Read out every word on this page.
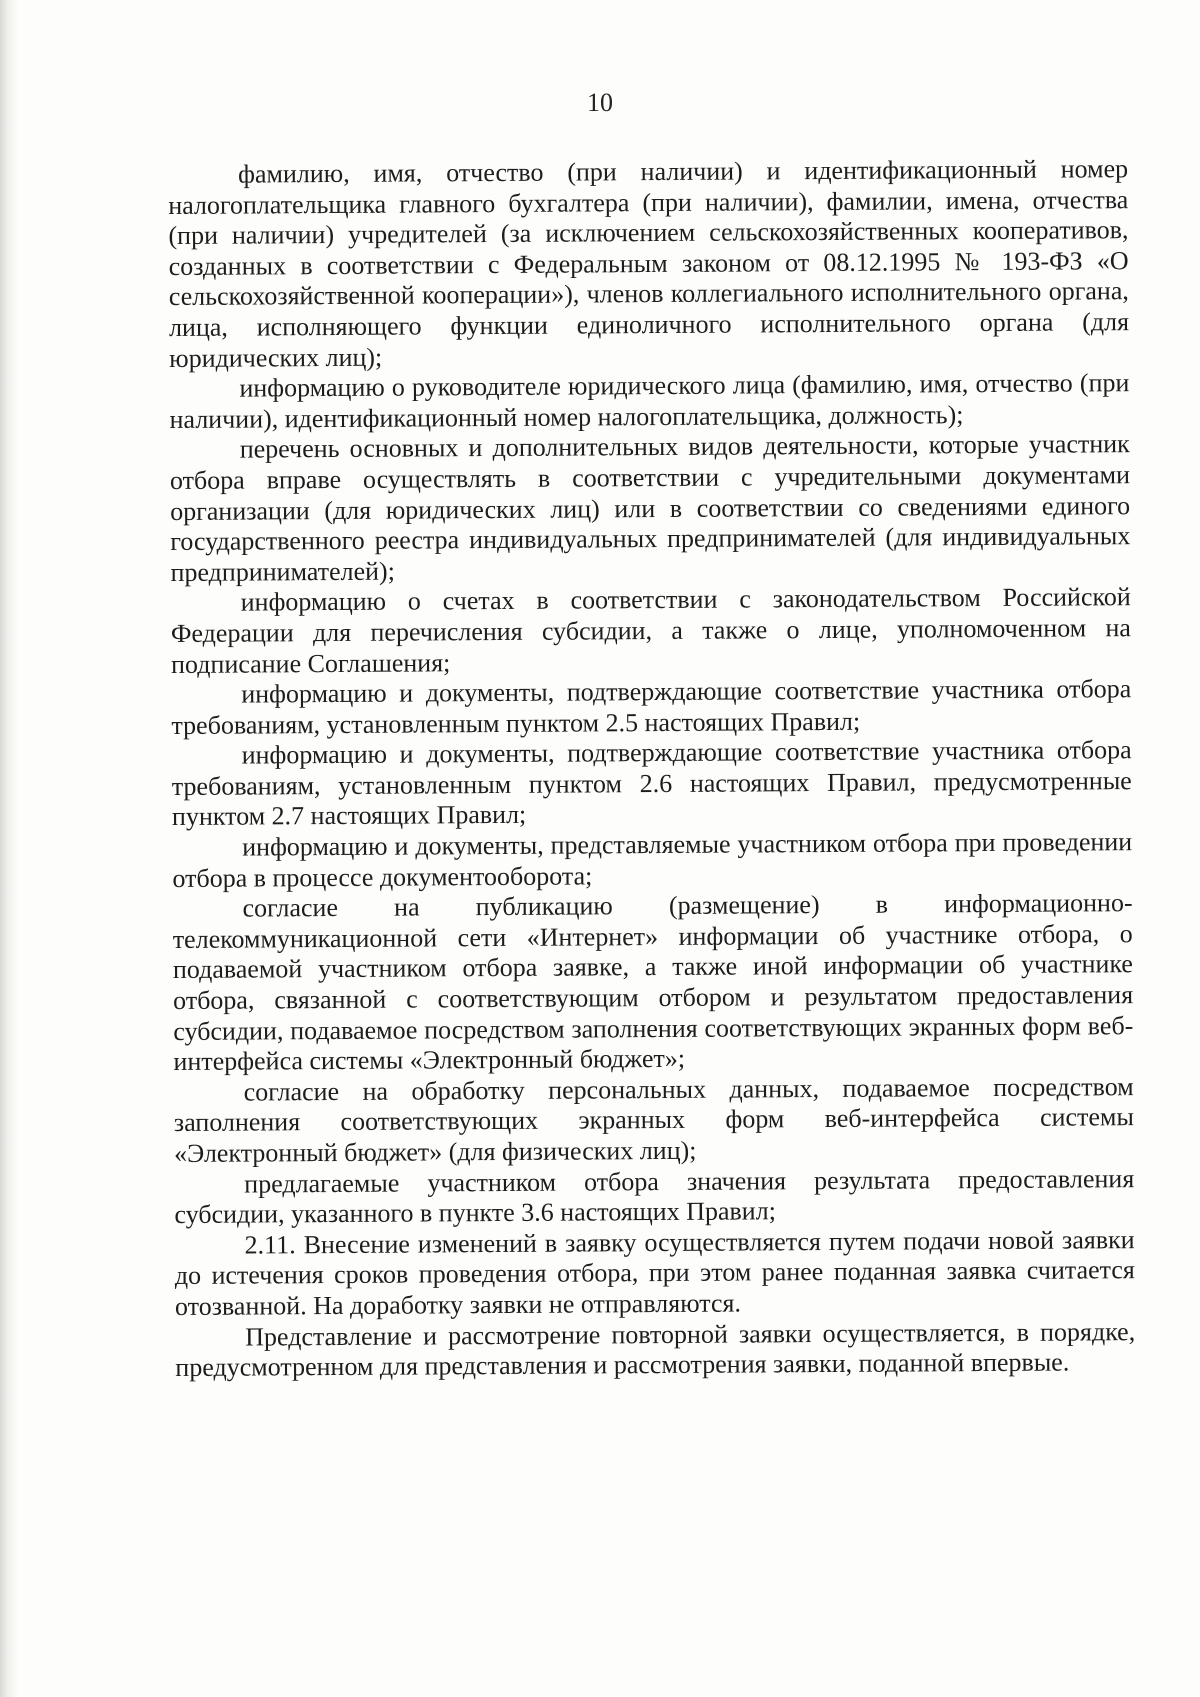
10

фамилию, имя, отчество (при наличии) и идентификационный номер налогоплательщика главного бухгалтера (при наличии), фамилии, имена, отчества (при наличии) учредителей (за исключением сельскохозяйственных кооперативов, созданных в соответствии с Федеральным законом от 08.12.1995 № 193-ФЗ «О сельскохозяйственной кооперации»), членов коллегиального исполнительного органа, лица, исполняющего функции единоличного исполнительного органа (для юридических лиц);

информацию о руководителе юридического лица (фамилию, имя, отчество (при наличии), идентификационный номер налогоплательщика, должность);

перечень основных и дополнительных видов деятельности, которые участник отбора вправе осуществлять в соответствии с учредительными документами организации (для юридических лиц) или в соответствии со сведениями единого государственного реестра индивидуальных предпринимателей (для индивидуальных предпринимателей);

информацию о счетах в соответствии с законодательством Российской Федерации для перечисления субсидии, а также о лице, уполномоченном на подписание Соглашения;

информацию и документы, подтверждающие соответствие участника отбора требованиям, установленным пунктом 2.5 настоящих Правил;

информацию и документы, подтверждающие соответствие участника отбора требованиям, установленным пунктом 2.6 настоящих Правил, предусмотренные пунктом 2.7 настоящих Правил;

информацию и документы, представляемые участником отбора при проведении отбора в процессе документооборота;

согласие на публикацию (размещение) в информационно-телекоммуникационной сети «Интернет» информации об участнике отбора, о подаваемой участником отбора заявке, а также иной информации об участнике отбора, связанной с соответствующим отбором и результатом предоставления субсидии, подаваемое посредством заполнения соответствующих экранных форм веб-интерфейса системы «Электронный бюджет»;

согласие на обработку персональных данных, подаваемое посредством заполнения соответствующих экранных форм веб-интерфейса системы «Электронный бюджет» (для физических лиц);

предлагаемые участником отбора значения результата предоставления субсидии, указанного в пункте 3.6 настоящих Правил;

2.11. Внесение изменений в заявку осуществляется путем подачи новой заявки до истечения сроков проведения отбора, при этом ранее поданная заявка считается отозванной. На доработку заявки не отправляются.

Представление и рассмотрение повторной заявки осуществляется, в порядке, предусмотренном для представления и рассмотрения заявки, поданной впервые.
